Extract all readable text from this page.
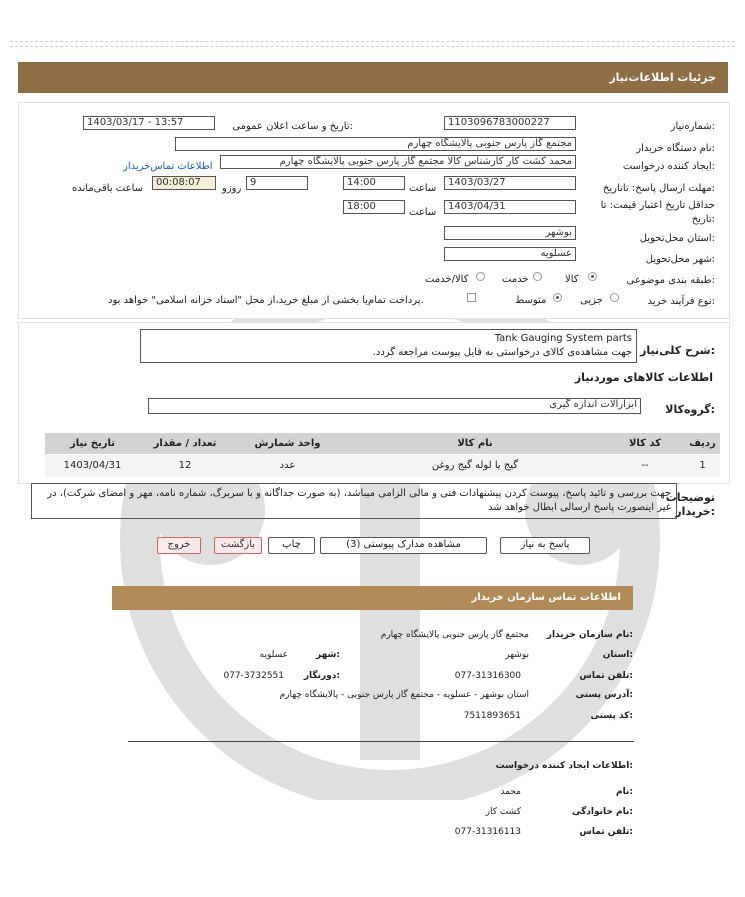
جزئیات اطلاعات‌نیاز
شماره‌نیاز:
1103096783000227
تاریخ و ساعت اعلان عمومی:
1403/03/17 - 13:57
نام دستگاه خریدار:
مجتمع گاز پارس جنوبی پالایشگاه چهارم
ایجاد کننده درخواست:
محمد کشت کار کارشناس کالا مجتمع گاز پارس جنوبی پالایشگاه چهارم
اطلاعات تماس‌خریدار
مهلت ارسال پاسخ: تاتاریخ:
1403/03/27
ساعت
14:00
9
روزو
00:08:07
ساعت باقی‌مانده
حداقل تاریخ اعتبار قیمت: تا
تاریخ:
1403/04/31
ساعت
18:00
استان محل‌تحویل:
بوشهر
شهر محل‌تحویل:
عسلویه
طبقه بندی موضوعی:
کالا
خدمت
کالا/خدمت
نوع فرآیند خرید:
جزیی
متوسط
پرداخت تمام‌یا بخشی از مبلغ خرید،از محل "اسناد خزانه اسلامی" خواهد بود.
شرح کلی‌نیاز:
Tank Gauging System parts
جهت مشاهده‌ی کالای درخواستی به فایل پیوست مراجعه گردد.
اطلاعات کالاهای موردنیاز
گروه‌کالا:
ابزارآلات اندازه گیری
ردیف
کد کالا
نام کالا
واحد شمارش
تعداد / مقدار
تاریخ نیاز
1
--
گیج یا لوله گیج روغن
عدد
12
1403/04/31
توضیحات
خریدار:
جهت بررسی و تائید پاسخ، پیوست کردن پیشنهادات فنی و مالی الزامی میباشد، (به صورت جداگانه و با سربرگ، شماره نامه، مهر و امضای شرکت)، در غیر اینصورت پاسخ ارسالی ابطال خواهد شد
پاسخ به نیاز
مشاهده مدارک پیوستی (3)
چاپ
بازگشت
خروج
اطلاعات تماس سازمان خریدار
نام سازمان خریدار:
مجتمع گاز پارس جنوبی پالایشگاه چهارم
استان:
بوشهر
شهر:
عسلویه
تلفن تماس:
077-31316300
دورنگار:
077-3732551
آدرس پستی:
استان بوشهر - عسلویه - مجتمع گاز پارس جنوبی - پالایشگاه چهارم
کد پستی:
7511893651
اطلاعات ایجاد کننده درخواست:
نام:
محمد
نام خانوادگی:
کشت کار
تلفن تماس:
077-31316113
